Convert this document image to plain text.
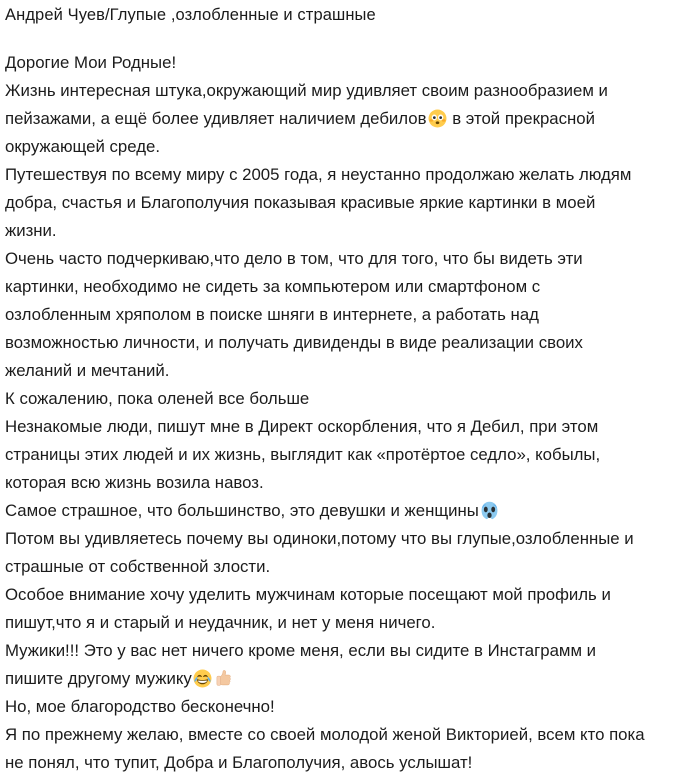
Андрей Чуев/Глупые ,озлобленные и страшные
Дорогие Мои Родные!
Жизнь интересная штука,окружающий мир удивляет своим разнообразием и
пейзажами, а ещё более удивляет наличием дебилов
в этой прекрасной
окружающей среде.
Путешествуя по всему миру с 2005 года, я неустанно продолжаю желать людям
добра, счастья и Благополучия показывая красивые яркие картинки в моей
жизни.
Очень часто подчеркиваю,что дело в том, что для того, что бы видеть эти
картинки, необходимо не сидеть за компьютером или смартфоном с
озлобленным хряполом в поиске шняги в интернете, а работать над
возможностью личности, и получать дивиденды в виде реализации своих
желаний и мечтаний.
К сожалению, пока оленей все больше
Незнакомые люди, пишут мне в Директ оскорбления, что я Дебил, при этом
страницы этих людей и их жизнь, выглядит как «протёртое седло», кобылы,
которая всю жизнь возила навоз.
Самое страшное, что большинство, это девушки и женщины
Потом вы удивляетесь почему вы одиноки,потому что вы глупые,озлобленные и
страшные от собственной злости.
Особое внимание хочу уделить мужчинам которые посещают мой профиль и
пишут,что я и старый и неудачник, и нет у меня ничего.
Мужики!!! Это у вас нет ничего кроме меня, если вы сидите в Инстаграмм и
пишите другому мужику
Но, мое благородство бесконечно!
Я по прежнему желаю, вместе со своей молодой женой Викторией, всем кто пока
не понял, что тупит, Добра и Благополучия, авось услышат!
